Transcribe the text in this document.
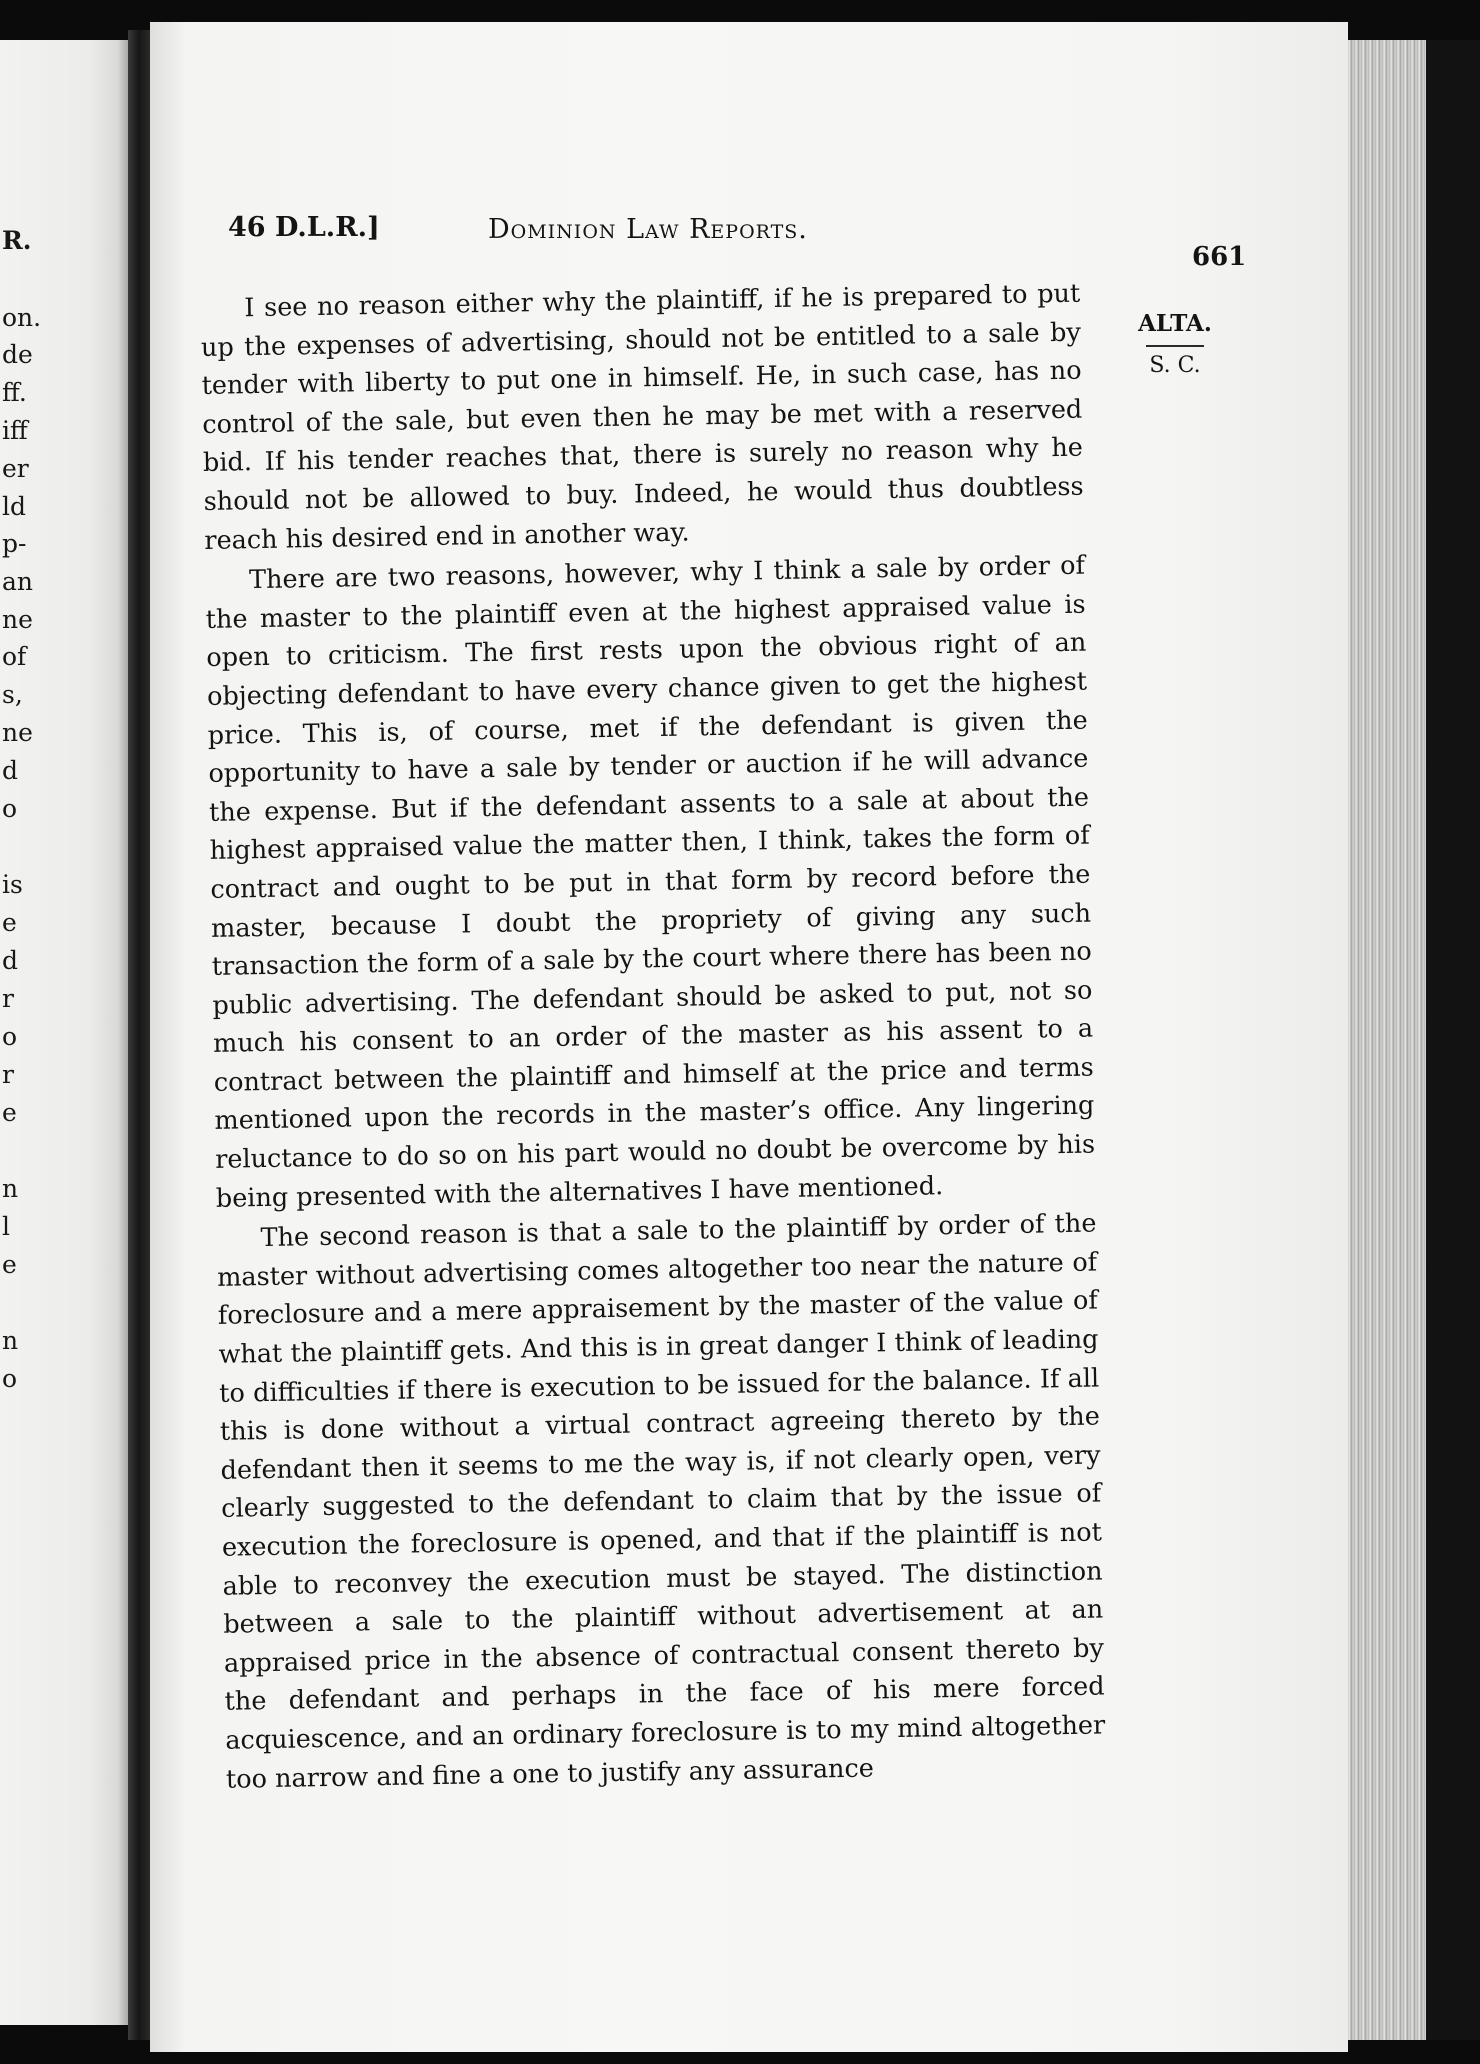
R.
on.
de
ff.
iff
er
ld
p-
an
ne
of
s,
ne
d
o
is
e
d
r
o
r
e
n
l
e
n
o
46 D.L.R.]	Dominion Law Reports.
661
ALTA.
S. C.

I see no reason either why the plaintiff, if he is prepared to put up the expenses of advertising, should not be entitled to a sale by tender with liberty to put one in himself. He, in such case, has no control of the sale, but even then he may be met with a reserved bid. If his tender reaches that, there is surely no reason why he should not be allowed to buy. Indeed, he would thus doubtless reach his desired end in another way.

There are two reasons, however, why I think a sale by order of the master to the plaintiff even at the highest appraised value is open to criticism. The first rests upon the obvious right of an objecting defendant to have every chance given to get the highest price. This is, of course, met if the defendant is given the opportunity to have a sale by tender or auction if he will advance the expense. But if the defendant assents to a sale at about the highest appraised value the matter then, I think, takes the form of contract and ought to be put in that form by record before the master, because I doubt the propriety of giving any such transaction the form of a sale by the court where there has been no public advertising. The defendant should be asked to put, not so much his consent to an order of the master as his assent to a contract between the plaintiff and himself at the price and terms mentioned upon the records in the master’s office. Any lingering reluctance to do so on his part would no doubt be overcome by his being presented with the alternatives I have mentioned.

The second reason is that a sale to the plaintiff by order of the master without advertising comes altogether too near the nature of foreclosure and a mere appraisement by the master of the value of what the plaintiff gets. And this is in great danger I think of leading to difficulties if there is execution to be issued for the balance. If all this is done without a virtual contract agreeing thereto by the defendant then it seems to me the way is, if not clearly open, very clearly suggested to the defendant to claim that by the issue of execution the foreclosure is opened, and that if the plaintiff is not able to reconvey the execution must be stayed. The distinction between a sale to the plaintiff without advertisement at an appraised price in the absence of contractual consent thereto by the defendant and perhaps in the face of his mere forced acquiescence, and an ordinary foreclosure is to my mind altogether too narrow and fine a one to justify any assurance
